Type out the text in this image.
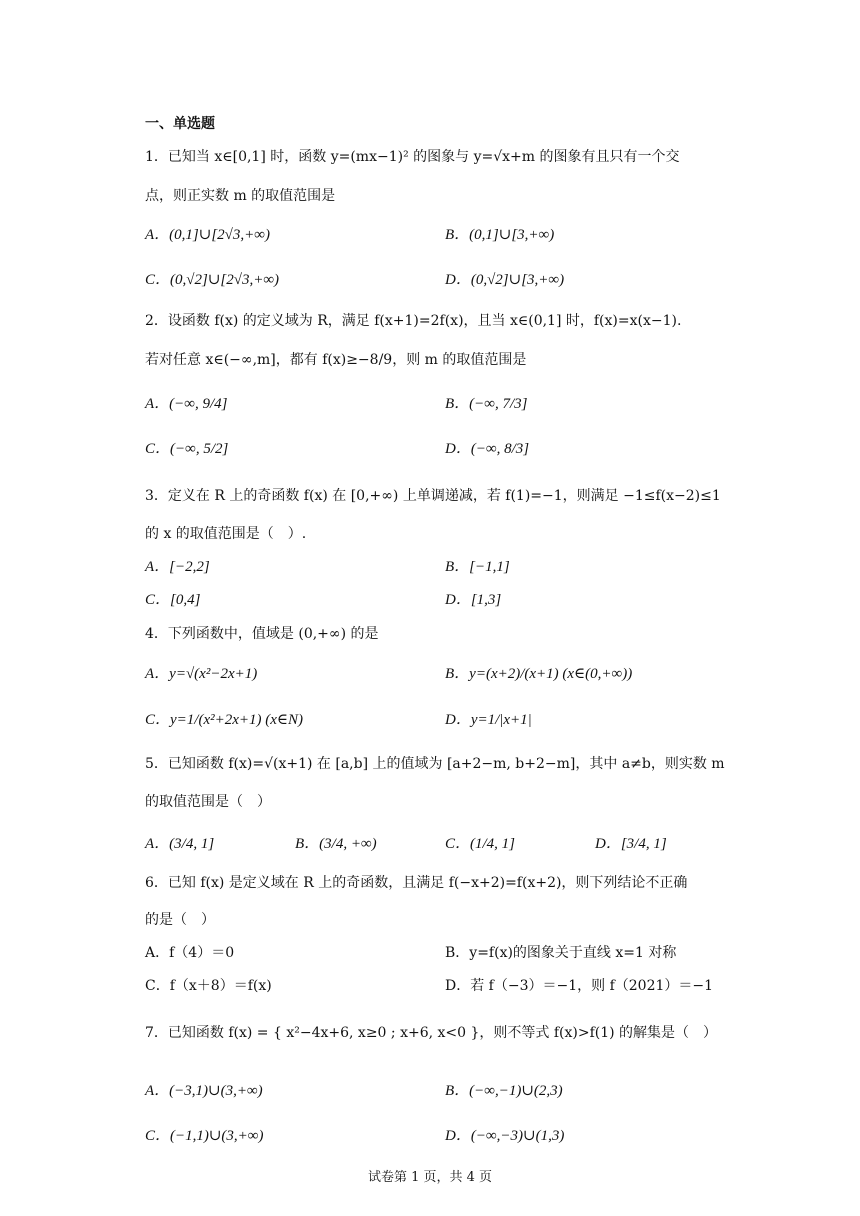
一、单选题
1．已知当 x∈[0,1] 时，函数 y=(mx−1)² 的图象与 y=√x+m 的图象有且只有一个交
点，则正实数 m 的取值范围是
A．(0,1]∪[2√3,+∞)	B．(0,1]∪[3,+∞)
C．(0,√2]∪[2√3,+∞)	D．(0,√2]∪[3,+∞)
2．设函数 f(x) 的定义域为 R，满足 f(x+1)=2f(x)，且当 x∈(0,1] 时，f(x)=x(x−1).
若对任意 x∈(−∞,m]，都有 f(x)≥−8/9，则 m 的取值范围是
A．(−∞, 9/4]	B．(−∞, 7/3]
C．(−∞, 5/2]	D．(−∞, 8/3]
3．定义在 R 上的奇函数 f(x) 在 [0,+∞) 上单调递减，若 f(1)=−1，则满足 −1≤f(x−2)≤1
的 x 的取值范围是（　）.
A．[−2,2]	B．[−1,1]
C．[0,4]	D．[1,3]
4．下列函数中，值域是 (0,+∞) 的是
A．y=√(x²−2x+1)	B．y=(x+2)/(x+1) (x∈(0,+∞))
C．y=1/(x²+2x+1) (x∈N)	D．y=1/|x+1|
5．已知函数 f(x)=√(x+1) 在 [a,b] 上的值域为 [a+2−m, b+2−m]，其中 a≠b，则实数 m
的取值范围是（　）
A．(3/4, 1]	B．(3/4, +∞)	C．(1/4, 1]	D．[3/4, 1]
6．已知 f(x) 是定义域在 R 上的奇函数，且满足 f(−x+2)=f(x+2)，则下列结论不正确
的是（　）
A．f（4）＝0	B．y=f(x)的图象关于直线 x=1 对称
C．f（x＋8）＝f(x)	D．若 f（−3）＝−1，则 f（2021）＝−1
7．已知函数 f(x) = { x²−4x+6, x≥0 ; x+6, x<0 }，则不等式 f(x)>f(1) 的解集是（　）
A．(−3,1)∪(3,+∞)	B．(−∞,−1)∪(2,3)
C．(−1,1)∪(3,+∞)	D．(−∞,−3)∪(1,3)
试卷第 1 页，共 4 页
